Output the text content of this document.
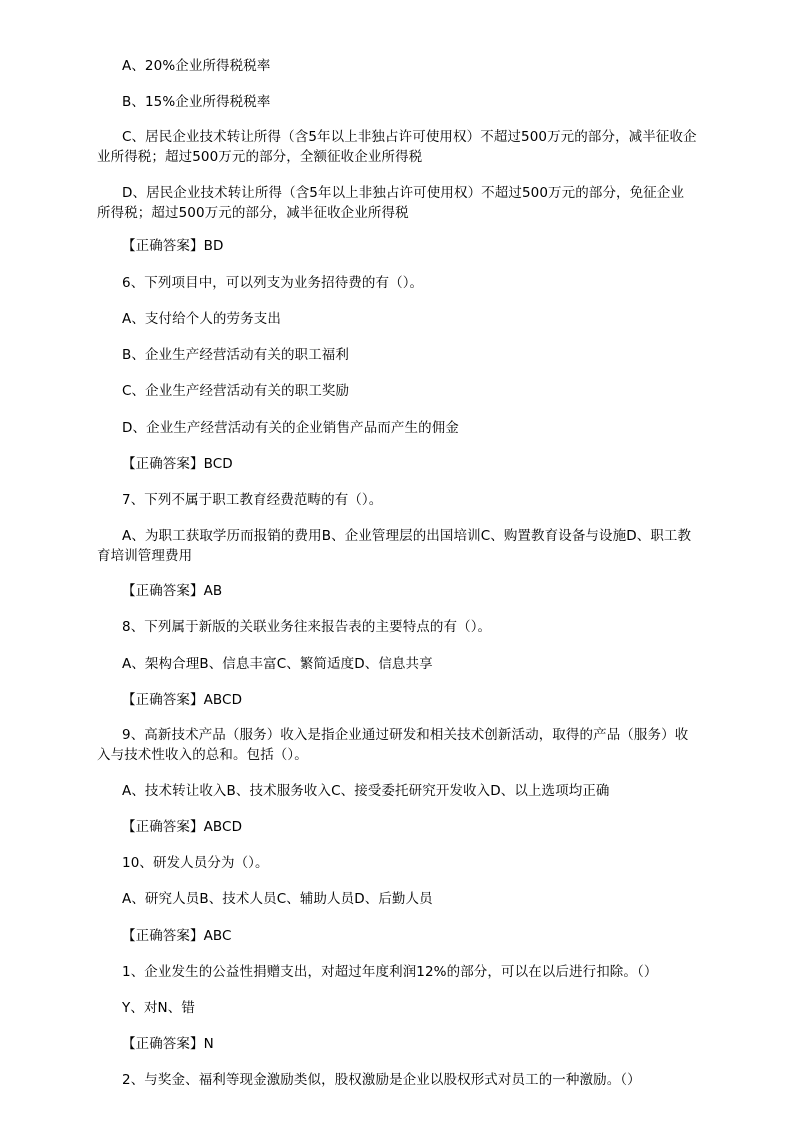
A、20%企业所得税税率

B、15%企业所得税税率

C、居民企业技术转让所得（含5年以上非独占许可使用权）不超过500万元的部分，减半征收企业所得税；超过500万元的部分，全额征收企业所得税

D、居民企业技术转让所得（含5年以上非独占许可使用权）不超过500万元的部分，免征企业所得税；超过500万元的部分，减半征收企业所得税

【正确答案】BD

6、下列项目中，可以列支为业务招待费的有（）。

A、支付给个人的劳务支出

B、企业生产经营活动有关的职工福利

C、企业生产经营活动有关的职工奖励

D、企业生产经营活动有关的企业销售产品而产生的佣金

【正确答案】BCD

7、下列不属于职工教育经费范畴的有（）。

A、为职工获取学历而报销的费用B、企业管理层的出国培训C、购置教育设备与设施D、职工教育培训管理费用

【正确答案】AB

8、下列属于新版的关联业务往来报告表的主要特点的有（）。

A、架构合理B、信息丰富C、繁简适度D、信息共享

【正确答案】ABCD

9、高新技术产品（服务）收入是指企业通过研发和相关技术创新活动，取得的产品（服务）收入与技术性收入的总和。包括（）。

A、技术转让收入B、技术服务收入C、接受委托研究开发收入D、以上选项均正确

【正确答案】ABCD

10、研发人员分为（）。

A、研究人员B、技术人员C、辅助人员D、后勤人员

【正确答案】ABC

1、企业发生的公益性捐赠支出，对超过年度利润12%的部分，可以在以后进行扣除。（）

Y、对N、错

【正确答案】N

2、与奖金、福利等现金激励类似，股权激励是企业以股权形式对员工的一种激励。（）
